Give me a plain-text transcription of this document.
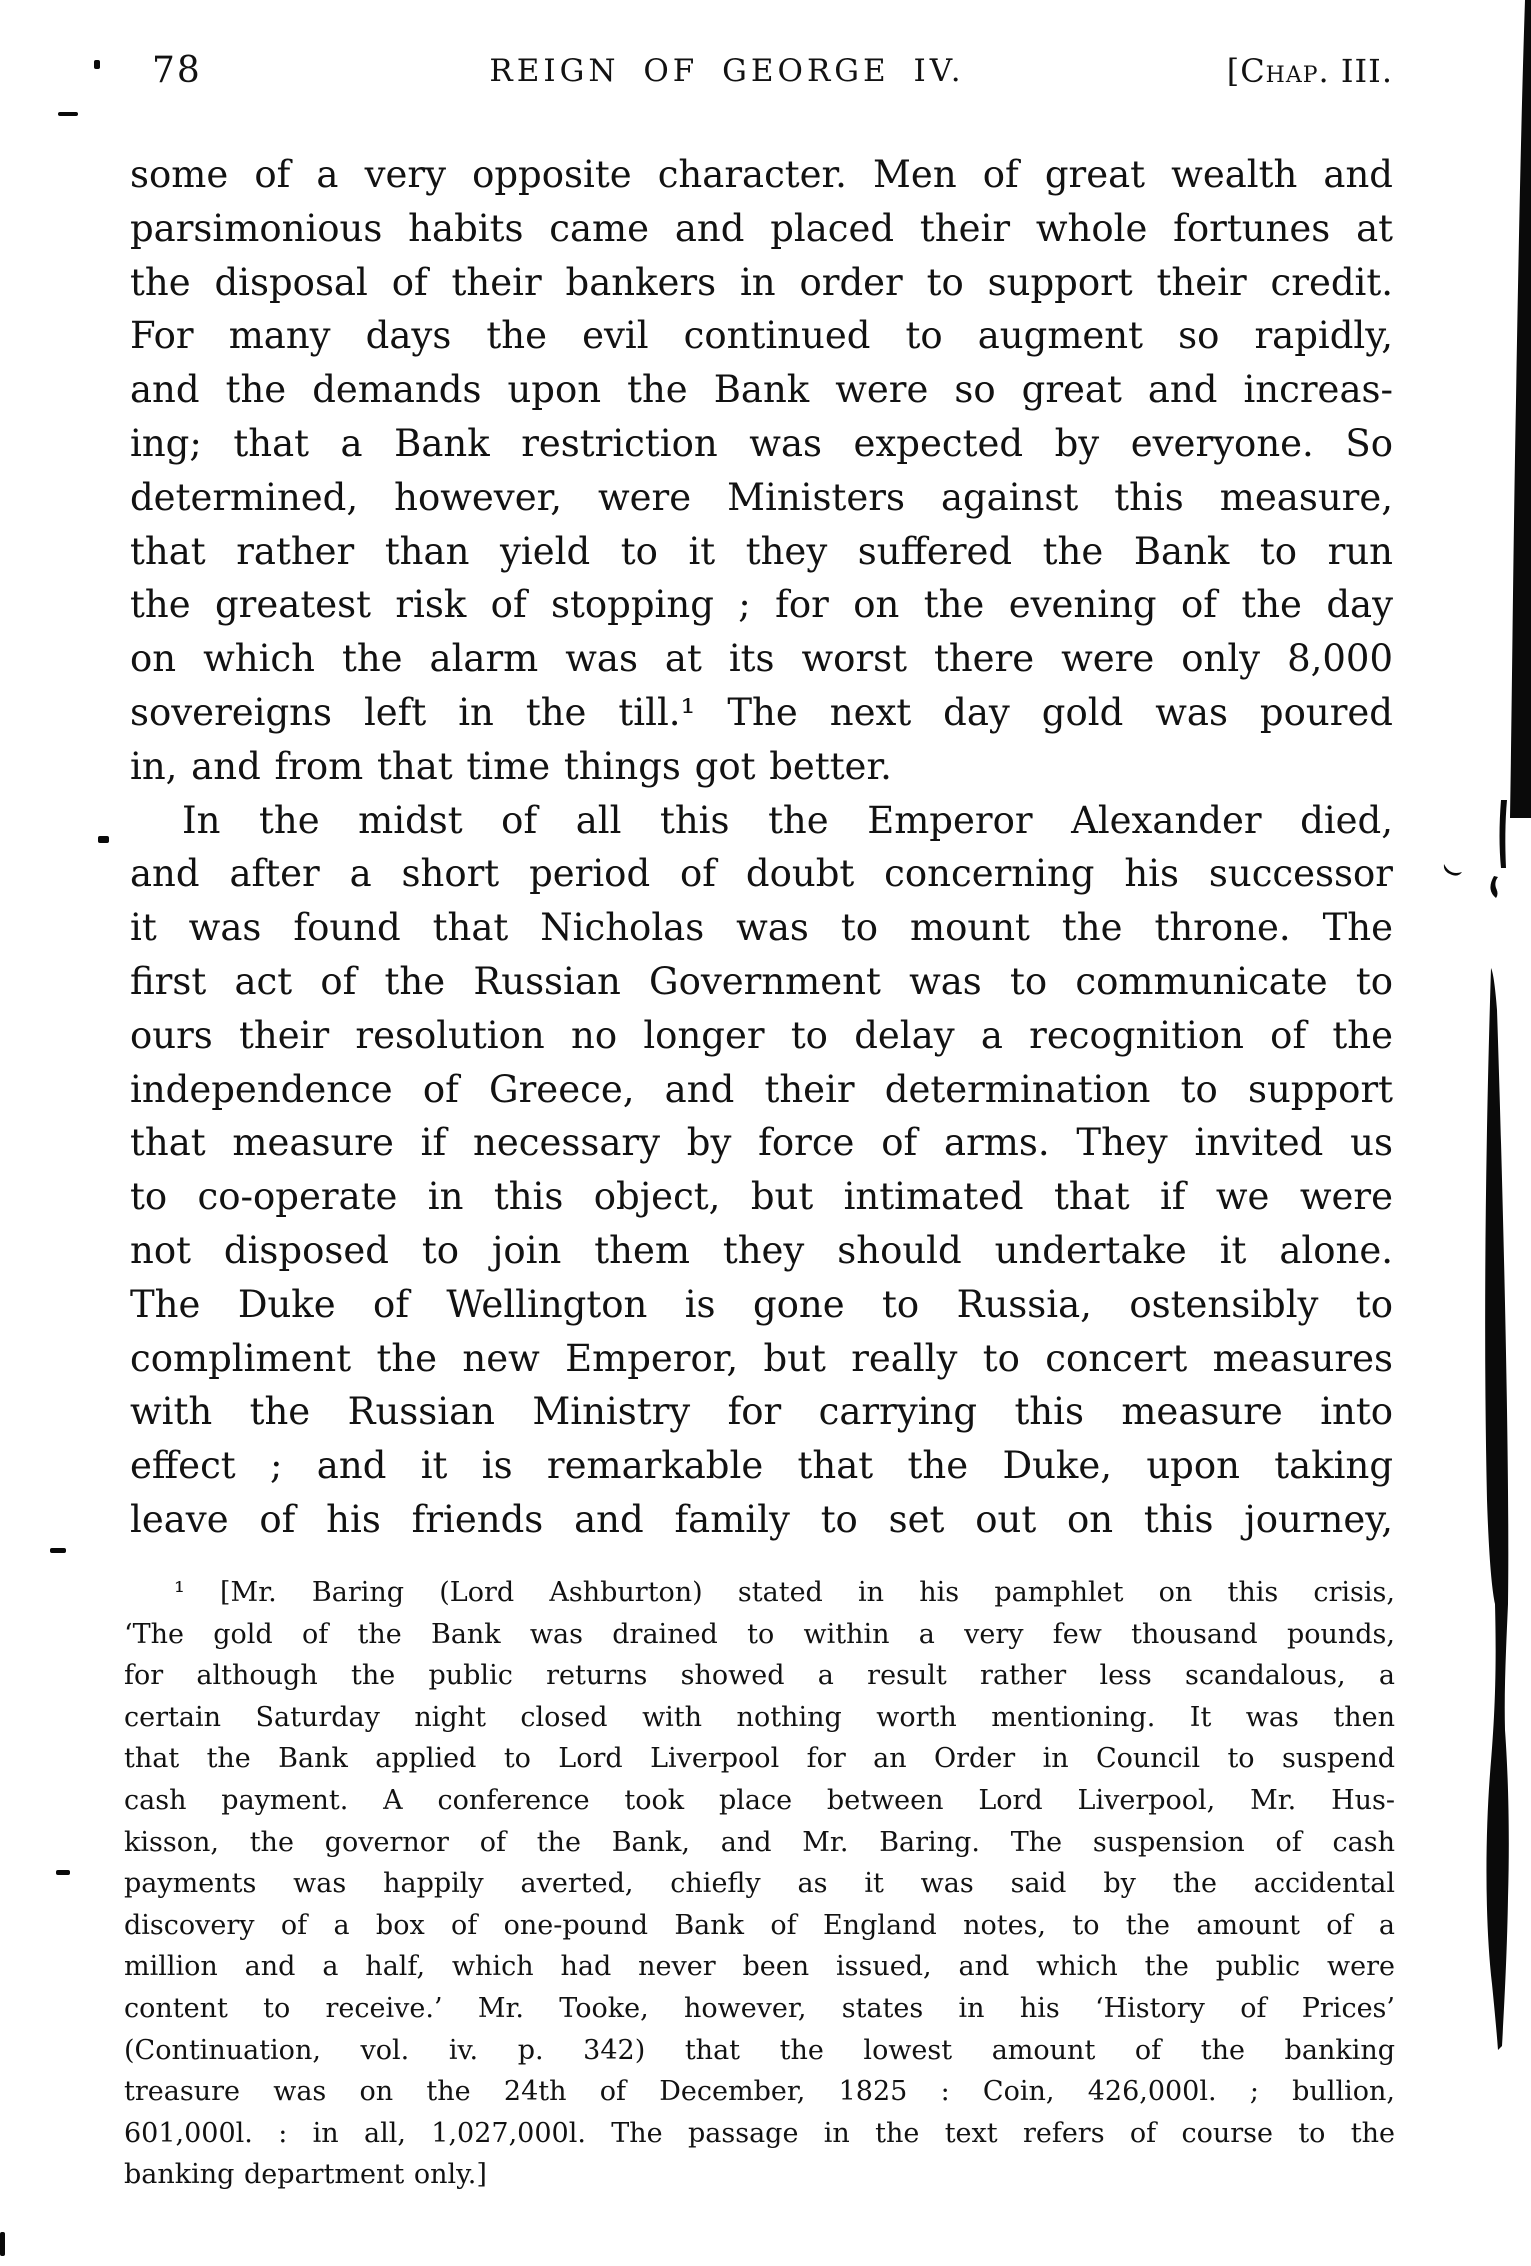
78	REIGN OF GEORGE IV.	[Chap. III.
some of a very opposite character. Men of great wealth and
parsimonious habits came and placed their whole fortunes at
the disposal of their bankers in order to support their credit.
For many days the evil continued to augment so rapidly,
and the demands upon the Bank were so great and increas-
ing; that a Bank restriction was expected by everyone. So
determined, however, were Ministers against this measure,
that rather than yield to it they suffered the Bank to run
the greatest risk of stopping ; for on the evening of the day
on which the alarm was at its worst there were only 8,000
sovereigns left in the till.¹ The next day gold was poured
in, and from that time things got better.
In the midst of all this the Emperor Alexander died,
and after a short period of doubt concerning his successor
it was found that Nicholas was to mount the throne. The
first act of the Russian Government was to communicate to
ours their resolution no longer to delay a recognition of the
independence of Greece, and their determination to support
that measure if necessary by force of arms. They invited us
to co-operate in this object, but intimated that if we were
not disposed to join them they should undertake it alone.
The Duke of Wellington is gone to Russia, ostensibly to
compliment the new Emperor, but really to concert measures
with the Russian Ministry for carrying this measure into
effect ; and it is remarkable that the Duke, upon taking
leave of his friends and family to set out on this journey,
¹ [Mr. Baring (Lord Ashburton) stated in his pamphlet on this crisis,
‘The gold of the Bank was drained to within a very few thousand pounds,
for although the public returns showed a result rather less scandalous, a
certain Saturday night closed with nothing worth mentioning. It was then
that the Bank applied to Lord Liverpool for an Order in Council to suspend
cash payment. A conference took place between Lord Liverpool, Mr. Hus-
kisson, the governor of the Bank, and Mr. Baring. The suspension of cash
payments was happily averted, chiefly as it was said by the accidental
discovery of a box of one-pound Bank of England notes, to the amount of a
million and a half, which had never been issued, and which the public were
content to receive.’ Mr. Tooke, however, states in his ‘History of Prices’
(Continuation, vol. iv. p. 342) that the lowest amount of the banking
treasure was on the 24th of December, 1825 : Coin, 426,000l. ; bullion,
601,000l. : in all, 1,027,000l. The passage in the text refers of course to the
banking department only.]
